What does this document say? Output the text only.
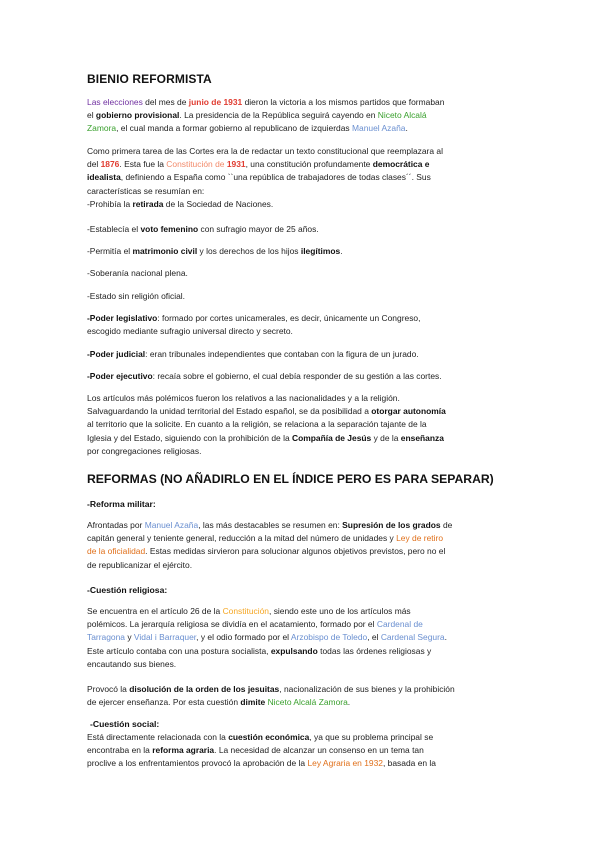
BIENIO REFORMISTA
Las elecciones del mes de junio de 1931 dieron la victoria a los mismos partidos que formaban
el gobierno provisional. La presidencia de la República seguirá cayendo en Niceto Alcalá
Zamora, el cual manda a formar gobierno al republicano de izquierdas Manuel Azaña.
Como primera tarea de las Cortes era la de redactar un texto constitucional que reemplazara al
del 1876. Esta fue la Constitución de 1931, una constitución profundamente democrática e
idealista, definiendo a España como ``una república de trabajadores de todas clases´´. Sus
características se resumían en:
-Prohibía la retirada de la Sociedad de Naciones.
-Establecía el voto femenino con sufragio mayor de 25 años.
-Permitía el matrimonio civil y los derechos de los hijos ilegítimos.
-Soberanía nacional plena.
-Estado sin religión oficial.
-Poder legislativo: formado por cortes unicamerales, es decir, únicamente un Congreso,
escogido mediante sufragio universal directo y secreto.
-Poder judicial: eran tribunales independientes que contaban con la figura de un jurado.
-Poder ejecutivo: recaía sobre el gobierno, el cual debía responder de su gestión a las cortes.
Los artículos más polémicos fueron los relativos a las nacionalidades y a la religión.
Salvaguardando la unidad territorial del Estado español, se da posibilidad a otorgar autonomía
al territorio que la solicite. En cuanto a la religión, se relaciona a la separación tajante de la
Iglesia y del Estado, siguiendo con la prohibición de la Compañía de Jesús y de la enseñanza
por congregaciones religiosas.
REFORMAS (NO AÑADIRLO EN EL ÍNDICE PERO ES PARA SEPARAR)
-Reforma militar:
Afrontadas por Manuel Azaña, las más destacables se resumen en: Supresión de los grados de
capitán general y teniente general, reducción a la mitad del número de unidades y Ley de retiro
de la oficialidad. Estas medidas sirvieron para solucionar algunos objetivos previstos, pero no el
de republicanizar el ejército.
-Cuestión religiosa:
Se encuentra en el artículo 26 de la Constitución, siendo este uno de los artículos más
polémicos. La jerarquía religiosa se dividía en el acatamiento, formado por el Cardenal de
Tarragona y Vidal i Barraquer, y el odio formado por el Arzobispo de Toledo, el Cardenal Segura.
Este artículo contaba con una postura socialista, expulsando todas las órdenes religiosas y
encautando sus bienes.
Provocó la disolución de la orden de los jesuitas, nacionalización de sus bienes y la prohibición
de ejercer enseñanza. Por esta cuestión dimite Niceto Alcalá Zamora.
-Cuestión social:
Está directamente relacionada con la cuestión económica, ya que su problema principal se
encontraba en la reforma agraria. La necesidad de alcanzar un consenso en un tema tan
proclive a los enfrentamientos provocó la aprobación de la Ley Agraria en 1932, basada en la
